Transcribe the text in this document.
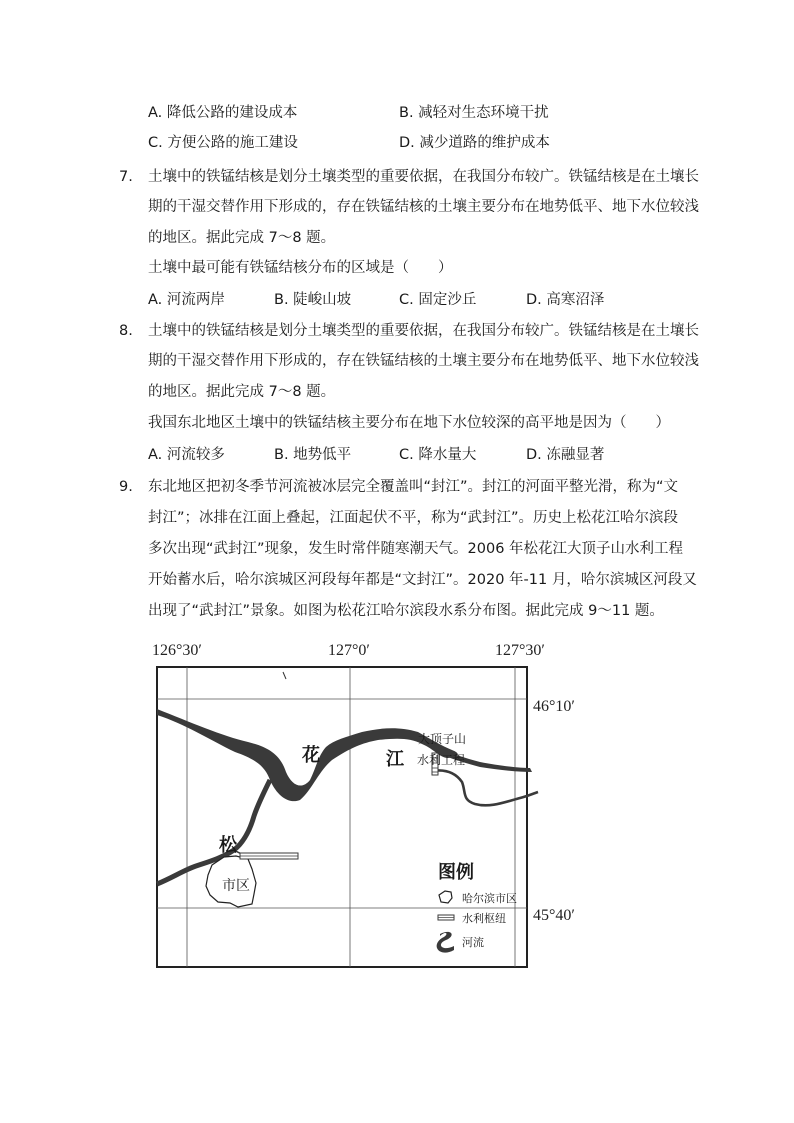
A. 降低公路的建设成本	B. 减轻对生态环境干扰
C. 方便公路的施工建设	D. 减少道路的维护成本
7. 土壤中的铁锰结核是划分土壤类型的重要依据，在我国分布较广。铁锰结核是在土壤长
期的干湿交替作用下形成的，存在铁锰结核的土壤主要分布在地势低平、地下水位较浅
的地区。据此完成 7～8 题。
土壤中最可能有铁锰结核分布的区域是（　　）
A. 河流两岸	B. 陡峻山坡	C. 固定沙丘	D. 高寒沼泽
8. 土壤中的铁锰结核是划分土壤类型的重要依据，在我国分布较广。铁锰结核是在土壤长
期的干湿交替作用下形成的，存在铁锰结核的土壤主要分布在地势低平、地下水位较浅
的地区。据此完成 7～8 题。
我国东北地区土壤中的铁锰结核主要分布在地下水位较深的高平地是因为（　　）
A. 河流较多	B. 地势低平	C. 降水量大	D. 冻融显著
9. 东北地区把初冬季节河流被冰层完全覆盖叫“封江”。封江的河面平整光滑，称为“文
封江”；冰排在江面上叠起，江面起伏不平，称为“武封江”。历史上松花江哈尔滨段
多次出现“武封江”现象，发生时常伴随寒潮天气。2006 年松花江大顶子山水利工程
开始蓄水后，哈尔滨城区河段每年都是“文封江”。2020 年-11 月，哈尔滨城区河段又
出现了“武封江”景象。如图为松花江哈尔滨段水系分布图。据此完成 9～11 题。
126°30′	127°0′	127°30′
46°10′
45°40′
花	江
松
市区
大顶子山
水利工程
图例
哈尔滨市区
水利枢纽
河流
